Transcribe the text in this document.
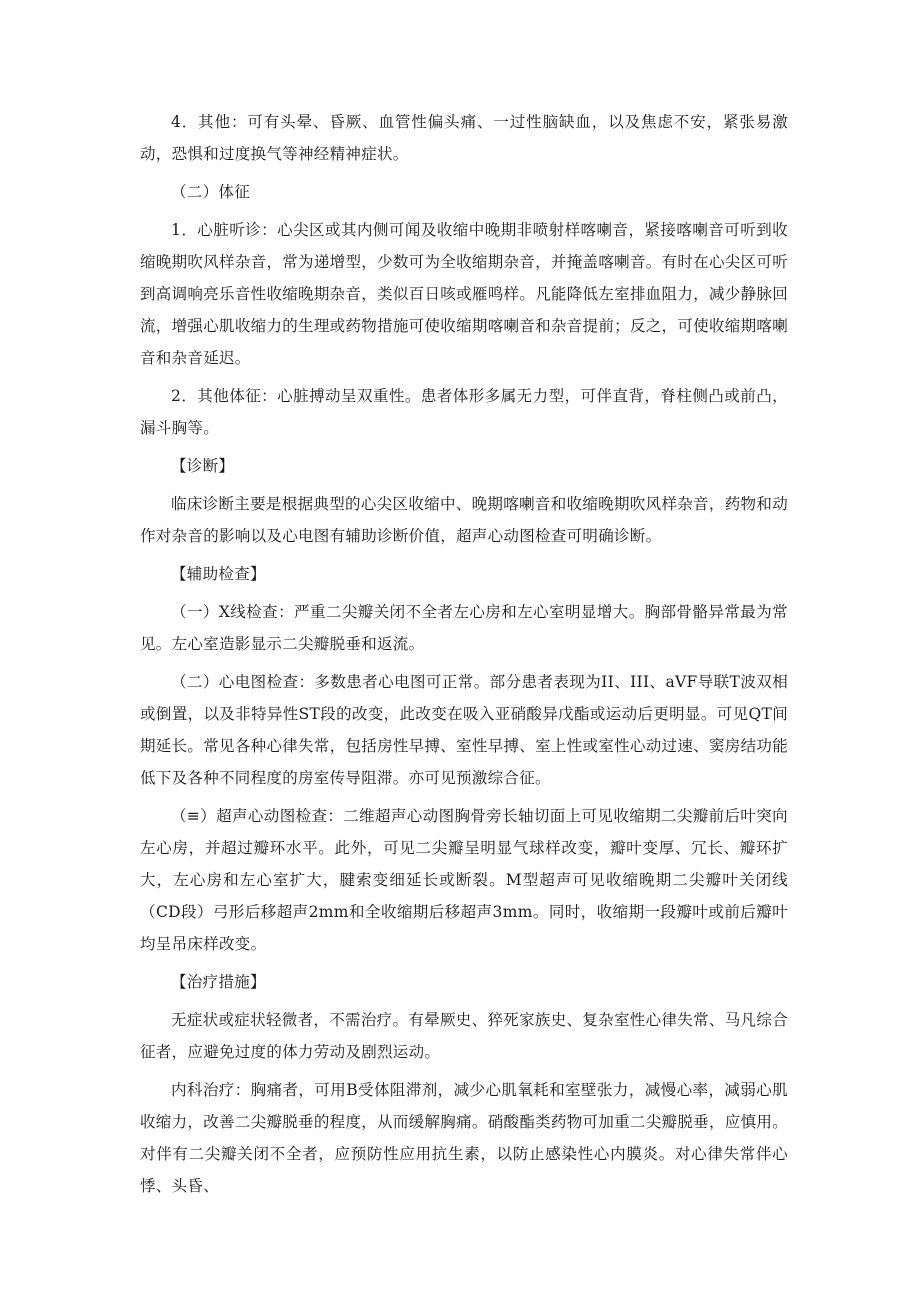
4．其他：可有头晕、昏厥、血管性偏头痛、一过性脑缺血，以及焦虑不安，紧张易激动，恐惧和过度换气等神经精神症状。

（二）体征

1．心脏听诊：心尖区或其内侧可闻及收缩中晚期非喷射样喀喇音，紧接喀喇音可听到收缩晚期吹风样杂音，常为递增型，少数可为全收缩期杂音，并掩盖喀喇音。有时在心尖区可听到高调响亮乐音性收缩晚期杂音，类似百日咳或雁鸣样。凡能降低左室排血阻力，减少静脉回流，增强心肌收缩力的生理或药物措施可使收缩期喀喇音和杂音提前；反之，可使收缩期喀喇音和杂音延迟。

2．其他体征：心脏搏动呈双重性。患者体形多属无力型，可伴直背，脊柱侧凸或前凸，漏斗胸等。

【诊断】

临床诊断主要是根据典型的心尖区收缩中、晚期喀喇音和收缩晚期吹风样杂音，药物和动作对杂音的影响以及心电图有辅助诊断价值，超声心动图检查可明确诊断。

【辅助检查】

（一）X线检查：严重二尖瓣关闭不全者左心房和左心室明显增大。胸部骨骼异常最为常见。左心室造影显示二尖瓣脱垂和返流。

（二）心电图检查：多数患者心电图可正常。部分患者表现为II、III、aVF导联T波双相或倒置，以及非特异性ST段的改变，此改变在吸入亚硝酸异戊酯或运动后更明显。可见QT间期延长。常见各种心律失常，包括房性早搏、室性早搏、室上性或室性心动过速、窦房结功能低下及各种不同程度的房室传导阻滞。亦可见预激综合征。

（≡）超声心动图检查：二维超声心动图胸骨旁长轴切面上可见收缩期二尖瓣前后叶突向左心房，并超过瓣环水平。此外，可见二尖瓣呈明显气球样改变，瓣叶变厚、冗长、瓣环扩大，左心房和左心室扩大，腱索变细延长或断裂。M型超声可见收缩晚期二尖瓣叶关闭线（CD段）弓形后移超声2mm和全收缩期后移超声3mm。同时，收缩期一段瓣叶或前后瓣叶均呈吊床样改变。

【治疗措施】

无症状或症状轻微者，不需治疗。有晕厥史、猝死家族史、复杂室性心律失常、马凡综合征者，应避免过度的体力劳动及剧烈运动。

内科治疗：胸痛者，可用B受体阻滞剂，减少心肌氧耗和室壁张力，减慢心率，减弱心肌收缩力，改善二尖瓣脱垂的程度，从而缓解胸痛。硝酸酯类药物可加重二尖瓣脱垂，应慎用。对伴有二尖瓣关闭不全者，应预防性应用抗生素，以防止感染性心内膜炎。对心律失常伴心悸、头昏、
